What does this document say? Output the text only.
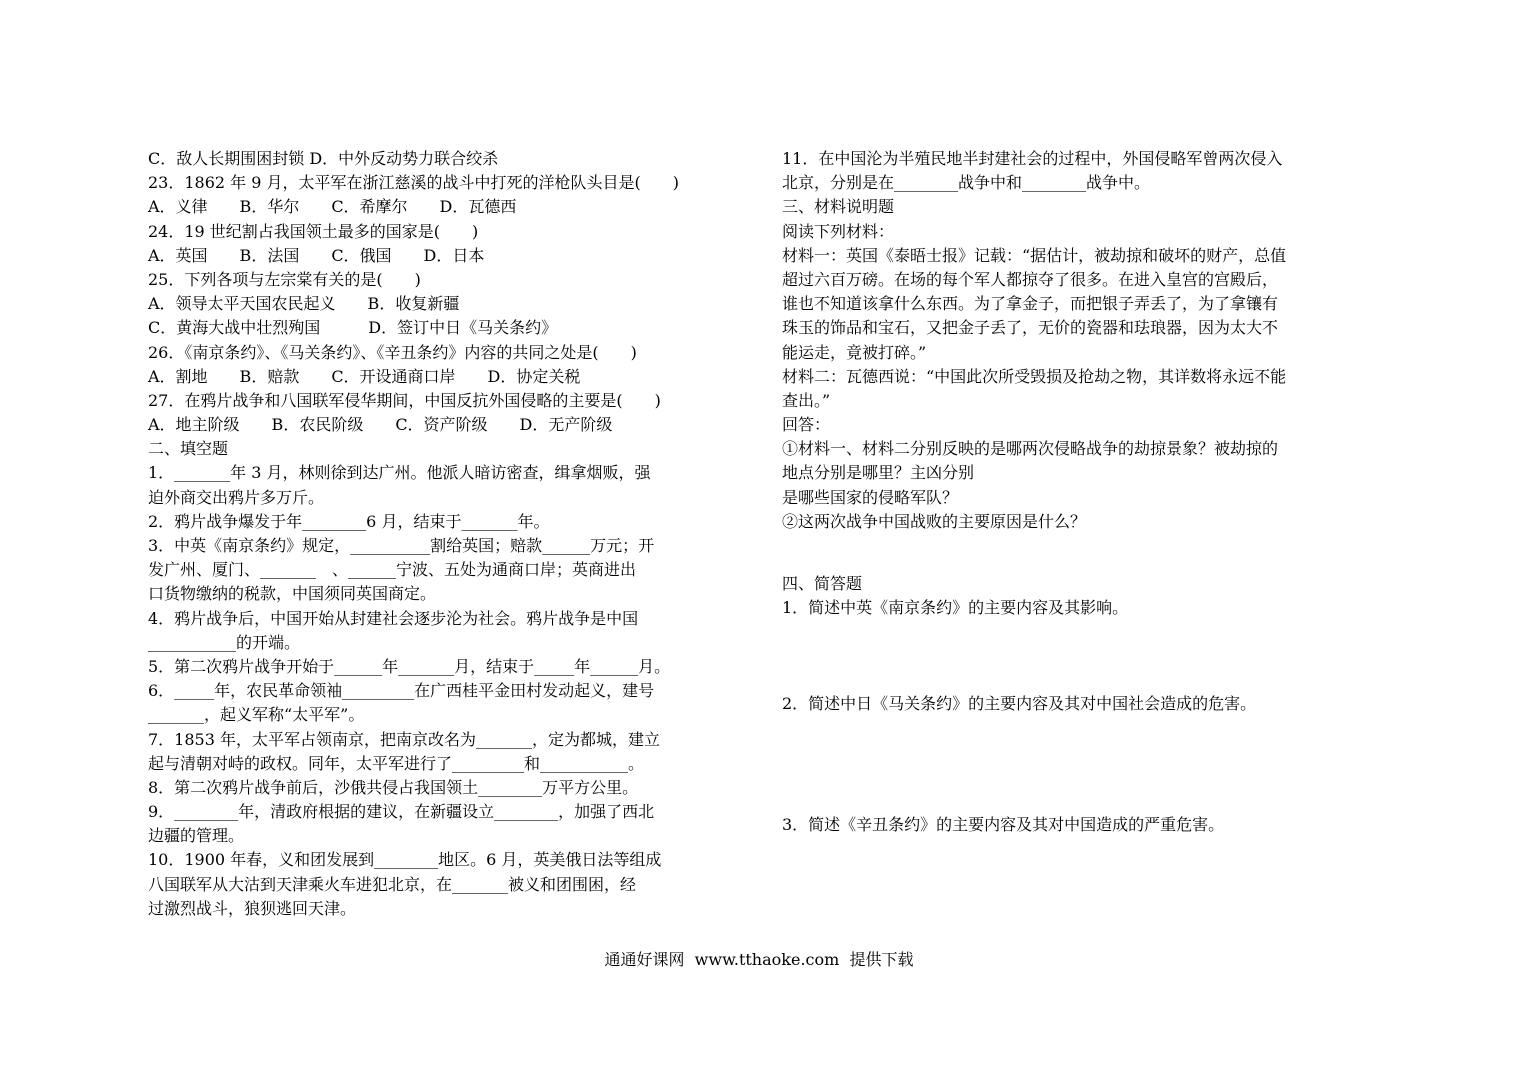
C．敌人长期围困封锁 D．中外反动势力联合绞杀
23．1862 年 9 月，太平军在浙江慈溪的战斗中打死的洋枪队头目是(　　)
A．义律　　B．华尔　　C．希摩尔　　D．瓦德西
24．19 世纪割占我国领土最多的国家是(　　)
A．英国　　B．法国　　C．俄国　　D．日本
25．下列各项与左宗棠有关的是(　　)
A．领导太平天国农民起义　　B．收复新疆
C．黄海大战中壮烈殉国　　　D．签订中日《马关条约》
26．《南京条约》、《马关条约》、《辛丑条约》内容的共同之处是(　　)
A．割地　　B．赔款　　C．开设通商口岸　　D．协定关税
27．在鸦片战争和八国联军侵华期间，中国反抗外国侵略的主要是(　　)
A．地主阶级　　B．农民阶级　　C．资产阶级　　D．无产阶级
二、填空题
1．_______年 3 月，林则徐到达广州。他派人暗访密查，缉拿烟贩，强
迫外商交出鸦片多万斤。
2．鸦片战争爆发于年________6 月，结束于_______年。
3．中英《南京条约》规定，__________割给英国；赔款______万元；开
发广州、厦门、_______　、______宁波、五处为通商口岸；英商进出
口货物缴纳的税款，中国须同英国商定。
4．鸦片战争后，中国开始从封建社会逐步沦为社会。鸦片战争是中国
___________的开端。
5．第二次鸦片战争开始于______年_______月，结束于_____年______月。
6．_____年，农民革命领袖_________在广西桂平金田村发动起义，建号
_______，起义军称“太平军”。
7．1853 年，太平军占领南京，把南京改名为_______，定为都城，建立
起与清朝对峙的政权。同年，太平军进行了_________和___________。
8．第二次鸦片战争前后，沙俄共侵占我国领土________万平方公里。
9．________年，清政府根据的建议，在新疆设立________，加强了西北
边疆的管理。
10．1900 年春，义和团发展到________地区。6 月，英美俄日法等组成
八国联军从大沽到天津乘火车进犯北京，在_______被义和团围困，经
过激烈战斗，狼狈逃回天津。
11．在中国沦为半殖民地半封建社会的过程中，外国侵略军曾两次侵入
北京，分别是在________战争中和________战争中。
三、材料说明题
阅读下列材料：
材料一：英国《泰晤士报》记载：“据估计，被劫掠和破坏的财产，总值
超过六百万磅。在场的每个军人都掠夺了很多。在进入皇宫的宫殿后，
谁也不知道该拿什么东西。为了拿金子，而把银子弄丢了，为了拿镶有
珠玉的饰品和宝石，又把金子丢了，无价的瓷器和珐琅器，因为太大不
能运走，竟被打碎。”
材料二：瓦德西说：“中国此次所受毁损及抢劫之物，其详数将永远不能
查出。”
回答：
①材料一、材料二分别反映的是哪两次侵略战争的劫掠景象？被劫掠的
地点分别是哪里？主凶分别
是哪些国家的侵略军队？
②这两次战争中国战败的主要原因是什么？
四、简答题
1．简述中英《南京条约》的主要内容及其影响。
2．简述中日《马关条约》的主要内容及其对中国社会造成的危害。
3．简述《辛丑条约》的主要内容及其对中国造成的严重危害。
通通好课网  www.tthaoke.com  提供下载
